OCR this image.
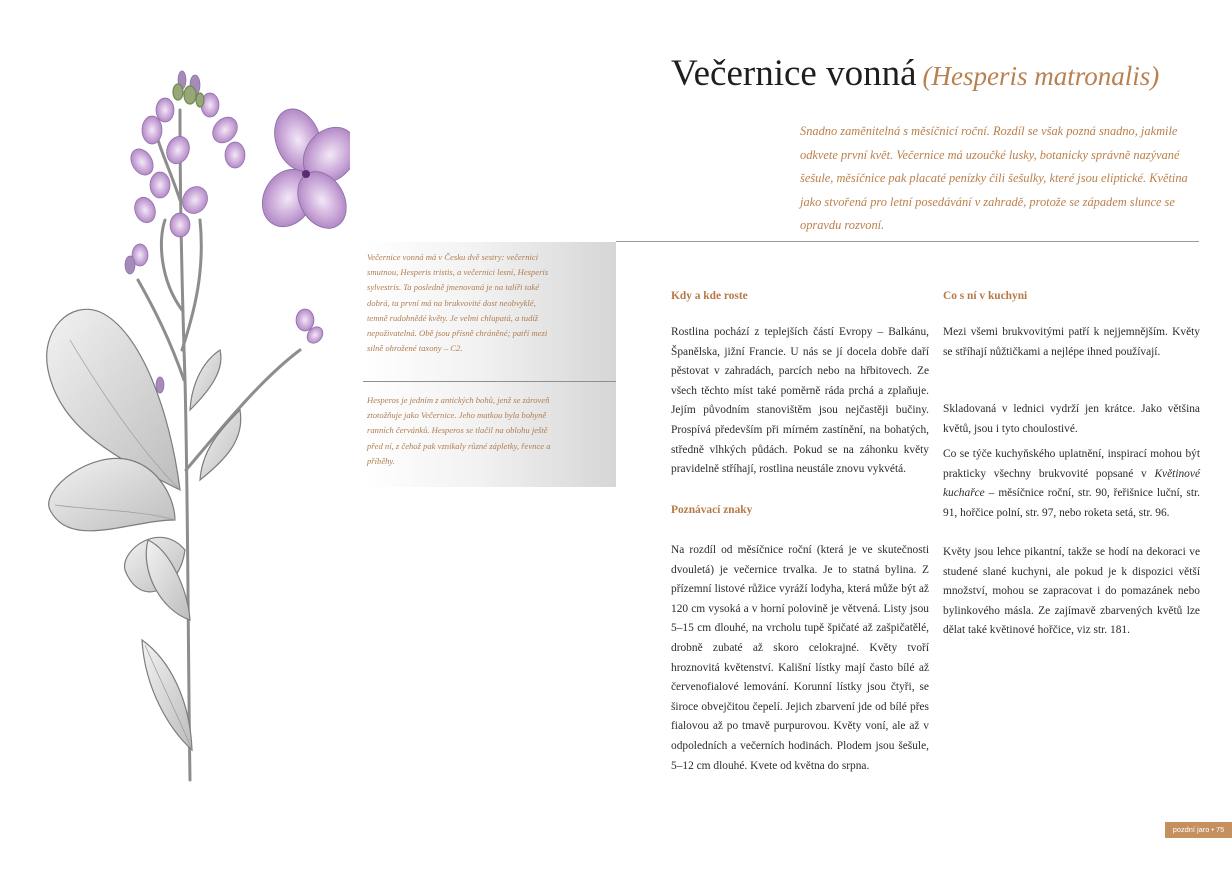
Večernice vonná (Hesperis matronalis)

Snadno zaměnitelná s měsíčnicí roční. Rozdíl se však pozná snadno, jakmile odkvete první květ. Večernice má uzoučké lusky, botanicky správně nazývané šešule, měsíčnice pak placaté penízky čili šešulky, které jsou eliptické. Květina jako stvořená pro letní posedávání v zahradě, protože se západem slunce se opravdu rozvoní.

Večernice vonná má v Česku dvě sestry: večernici smutnou, Hesperis tristis, a večernici lesní, Hesperis sylvestris. Ta posledně jmenovaná je na talíři také dobrá, ta první má na brukvovité dost neobvyklé, temně rudohnědé květy. Je velmi chlupatá, a tudíž nepoživatelná. Obě jsou přísně chráněné; patří mezi silně ohrožené taxony – C2.

Hesperos je jedním z antických bohů, jenž se zároveň ztotožňuje jako Večernice. Jeho matkou byla bohyně ranních červánků. Hesperos se tlačil na oblohu ještě před ní, z čehož pak vznikaly různé zápletky, řevnce a příběhy.

Kdy a kde roste

Rostlina pochází z teplejších částí Evropy – Balkánu, Španělska, jižní Francie. U nás se jí docela dobře daří pěstovat v zahradách, parcích nebo na hřbitovech. Ze všech těchto míst také poměrně ráda prchá a zplaňuje. Jejím původním stanovištěm jsou nejčastěji bučiny. Prospívá především při mírném zastínění, na bohatých, středně vlhkých půdách. Pokud se na záhonku květy pravidelně stříhají, rostlina neustále znovu vykvétá.

Poznávací znaky

Na rozdíl od měsíčnice roční (která je ve skutečnosti dvouletá) je večernice trvalka. Je to statná bylina. Z přízemní listové růžice vyráží lodyha, která může být až 120 cm vysoká a v horní polovině je větvená. Listy jsou 5–15 cm dlouhé, na vrcholu tupě špičaté až zašpičatělé, drobně zubaté až skoro celokrajné. Květy tvoří hroznovitá květenství. Kališní lístky mají často bílé až červenofialové lemování. Korunní lístky jsou čtyři, se široce obvejčitou čepelí. Jejich zbarvení jde od bílé přes fialovou až po tmavě purpurovou. Květy voní, ale až v odpoledních a večerních hodinách. Plodem jsou šešule, 5–12 cm dlouhé. Kvete od května do srpna.

Co s ní v kuchyni

Mezi všemi brukvovitými patří k nejjemnějším. Květy se stříhají nůžtičkami a nejlépe ihned používají.

Skladovaná v lednici vydrží jen krátce. Jako většina květů, jsou i tyto choulostivé.

Co se týče kuchyňského uplatnění, inspirací mohou být prakticky všechny brukvovité popsané v Květinové kuchařce – měsíčnice roční, str. 90, řeřišnice luční, str. 91, hořčice polní, str. 97, nebo roketa setá, str. 96.

Květy jsou lehce pikantní, takže se hodí na dekoraci ve studené slané kuchyni, ale pokud je k dispozici větší množství, mohou se zapracovat i do pomazánek nebo bylinkového másla. Ze zajímavě zbarvených květů lze dělat také květinové hořčice, viz str. 181.

pozdní jaro • 75
